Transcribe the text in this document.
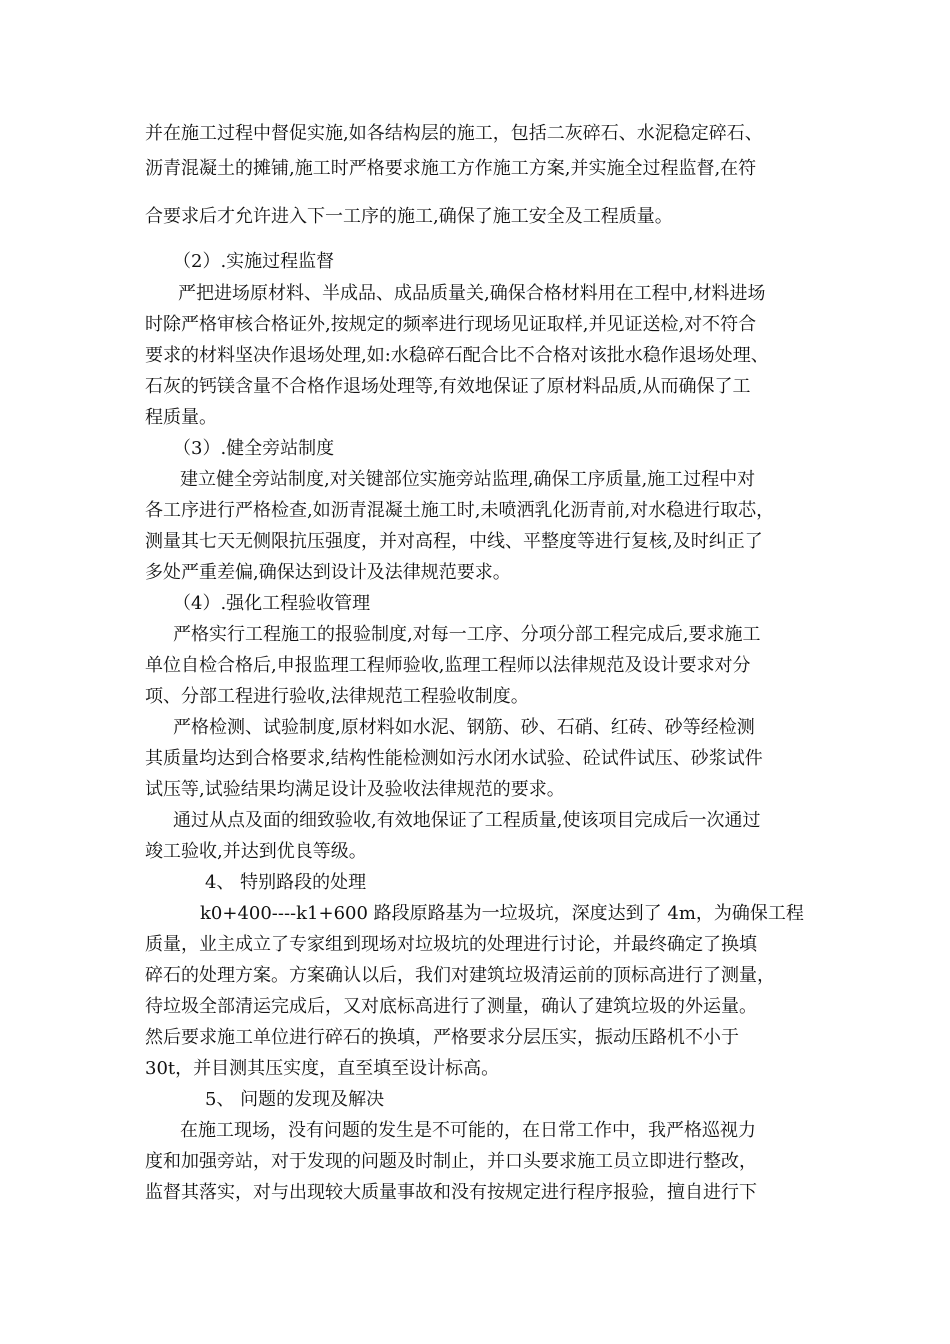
并在施工过程中督促实施,如各结构层的施工，包括二灰碎石、水泥稳定碎石、

沥青混凝土的摊铺,施工时严格要求施工方作施工方案,并实施全过程监督,在符

合要求后才允许进入下一工序的施工,确保了施工安全及工程质量。

（2）.实施过程监督

严把进场原材料、半成品、成品质量关,确保合格材料用在工程中,材料进场

时除严格审核合格证外,按规定的频率进行现场见证取样,并见证送检,对不符合

要求的材料坚决作退场处理,如:水稳碎石配合比不合格对该批水稳作退场处理、

石灰的钙镁含量不合格作退场处理等,有效地保证了原材料品质,从而确保了工

程质量。

（3）.健全旁站制度

建立健全旁站制度,对关键部位实施旁站监理,确保工序质量,施工过程中对

各工序进行严格检查,如沥青混凝土施工时,未喷洒乳化沥青前,对水稳进行取芯，

测量其七天无侧限抗压强度，并对高程，中线、平整度等进行复核,及时纠正了

多处严重差偏,确保达到设计及法律规范要求。

（4）.强化工程验收管理

严格实行工程施工的报验制度,对每一工序、分项分部工程完成后,要求施工

单位自检合格后,申报监理工程师验收,监理工程师以法律规范及设计要求对分

项、分部工程进行验收,法律规范工程验收制度。

严格检测、试验制度,原材料如水泥、钢筋、砂、石硝、红砖、砂等经检测

其质量均达到合格要求,结构性能检测如污水闭水试验、砼试件试压、砂浆试件

试压等,试验结果均满足设计及验收法律规范的要求。

通过从点及面的细致验收,有效地保证了工程质量,使该项目完成后一次通过

竣工验收,并达到优良等级。

4、 特别路段的处理

k0+400----k1+600 路段原路基为一垃圾坑，深度达到了 4m，为确保工程

质量，业主成立了专家组到现场对垃圾坑的处理进行讨论，并最终确定了换填

碎石的处理方案。方案确认以后，我们对建筑垃圾清运前的顶标高进行了测量，

待垃圾全部清运完成后，又对底标高进行了测量，确认了建筑垃圾的外运量。

然后要求施工单位进行碎石的换填，严格要求分层压实，振动压路机不小于

30t，并目测其压实度，直至填至设计标高。

5、 问题的发现及解决

在施工现场，没有问题的发生是不可能的，在日常工作中，我严格巡视力

度和加强旁站，对于发现的问题及时制止，并口头要求施工员立即进行整改，

监督其落实，对与出现较大质量事故和没有按规定进行程序报验，擅自进行下
